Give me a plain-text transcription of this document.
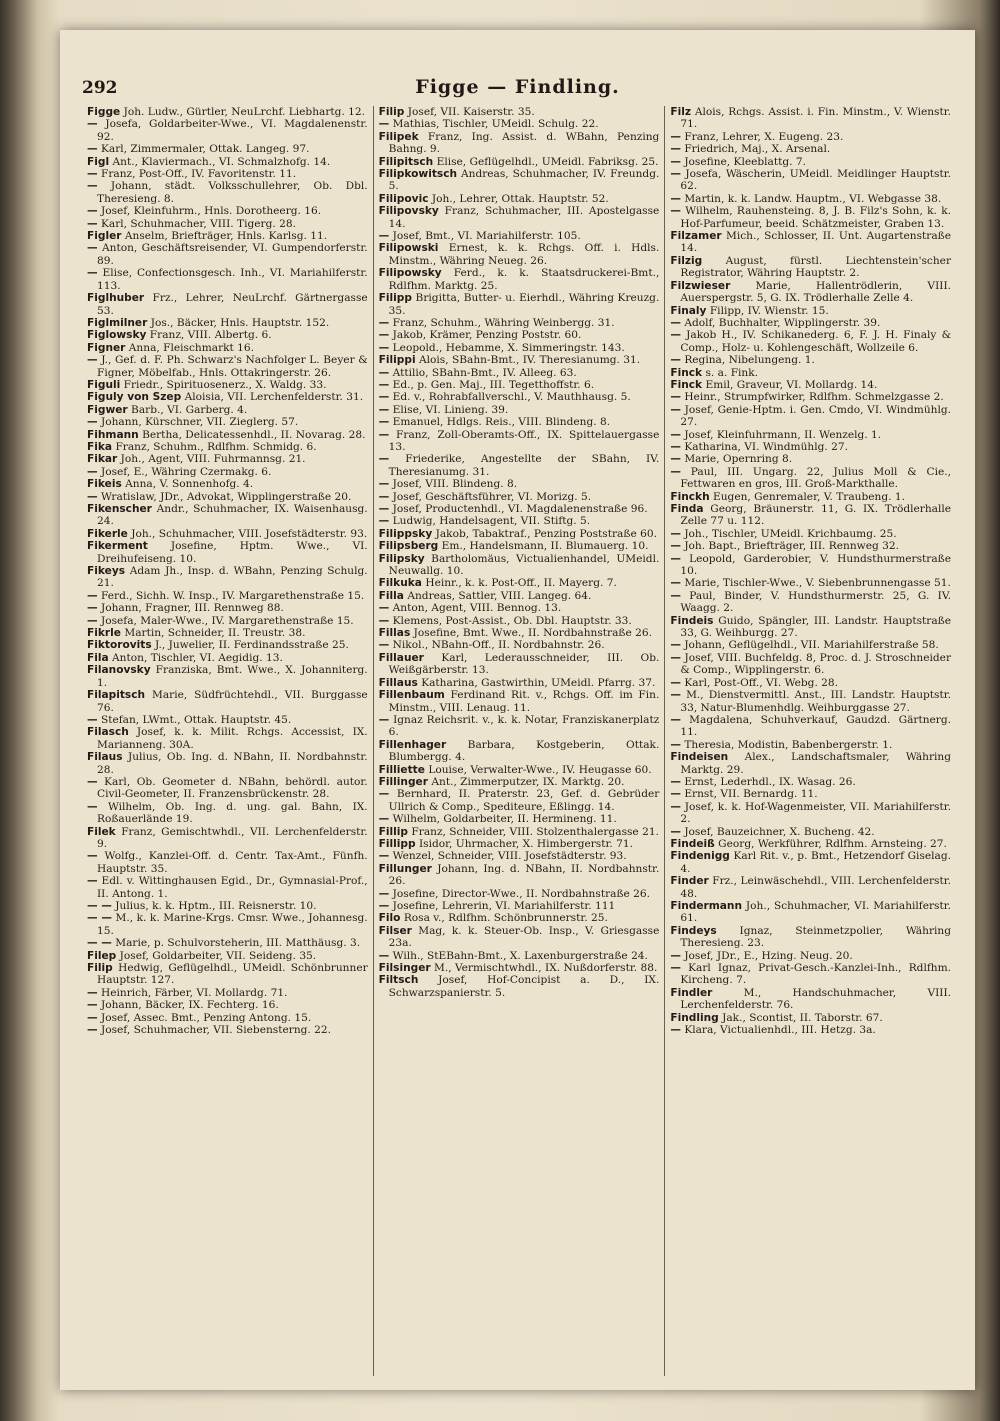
292	Figge — Findling.

Figge Joh. Ludw., Gürtler, NeuLrchf. Liebhartg. 12.

— Josefa, Goldarbeiter-Wwe., VI. Magdalenenstr. 92.

— Karl, Zimmermaler, Ottak. Langeg. 97.

Figl Ant., Klaviermach., VI. Schmalzhofg. 14.

— Franz, Post-Off., IV. Favoritenstr. 11.

— Johann, städt. Volksschullehrer, Ob. Dbl. Theresieng. 8.

— Josef, Kleinfuhrm., Hnls. Dorotheerg. 16.

— Karl, Schuhmacher, VIII. Tigerg. 28.

Figler Anselm, Briefträger, Hnls. Karlsg. 11.

— Anton, Geschäftsreisender, VI. Gumpendorferstr. 89.

— Elise, Confectionsgesch. Inh., VI. Mariahilferstr. 113.

Figlhuber Frz., Lehrer, NeuLrchf. Gärtnergasse 53.

Figlmilner Jos., Bäcker, Hnls. Hauptstr. 152.

Figlowsky Franz, VIII. Albertg. 6.

Figner Anna, Fleischmarkt 16.

— J., Gef. d. F. Ph. Schwarz's Nachfolger L. Beyer & Figner, Möbelfab., Hnls. Ottakringerstr. 26.

Figuli Friedr., Spirituosenerz., X. Waldg. 33.

Figuly von Szep Aloisia, VII. Lerchenfelderstr. 31.

Figwer Barb., VI. Garberg. 4.

— Johann, Kürschner, VII. Zieglerg. 57.

Fihmann Bertha, Delicatessenhdl., II. Novarag. 28.

Fika Franz, Schuhm., Rdlfhm. Schmidg. 6.

Fikar Joh., Agent, VIII. Fuhrmannsg. 21.

— Josef, E., Währing Czermakg. 6.

Fikeis Anna, V. Sonnenhofg. 4.

— Wratislaw, JDr., Advokat, Wipplingerstraße 20.

Fikenscher Andr., Schuhmacher, IX. Waisenhausg. 24.

Fikerle Joh., Schuhmacher, VIII. Josefstädterstr. 93.

Fikerment Josefine, Hptm. Wwe., VI. Dreihufeiseng. 10.

Fikeys Adam Jh., Insp. d. WBahn, Penzing Schulg. 21.

— Ferd., Sichh. W. Insp., IV. Margarethenstraße 15.

— Johann, Fragner, III. Rennweg 88.

— Josefa, Maler-Wwe., IV. Margarethenstraße 15.

Fikrle Martin, Schneider, II. Treustr. 38.

Fiktorovits J., Juwelier, II. Ferdinandsstraße 25.

Fila Anton, Tischler, VI. Aegidig. 13.

Filanovsky Franziska, Bmt. Wwe., X. Johanniterg. 1.

Filapitsch Marie, Südfrüchtehdl., VII. Burggasse 76.

— Stefan, LWmt., Ottak. Hauptstr. 45.

Filasch Josef, k. k. Milit. Rchgs. Accessist, IX. Marianneng. 30A.

Filaus Julius, Ob. Ing. d. NBahn, II. Nordbahnstr. 28.

— Karl, Ob. Geometer d. NBahn, behördl. autor. Civil-Geometer, II. Franzensbrückenstr. 28.

— Wilhelm, Ob. Ing. d. ung. gal. Bahn, IX. Roßauerlände 19.

Filek Franz, Gemischtwhdl., VII. Lerchenfelderstr. 9.

— Wolfg., Kanzlei-Off. d. Centr. Tax-Amt., Fünfh. Hauptstr. 35.

— Edl. v. Wittinghausen Egid., Dr., Gymnasial-Prof., II. Antong. 1.

— — Julius, k. k. Hptm., III. Reisnerstr. 10.

— — M., k. k. Marine-Krgs. Cmsr. Wwe., Johannesg. 15.

— — Marie, p. Schulvorsteherin, III. Matthäusg. 3.

Filep Josef, Goldarbeiter, VII. Seideng. 35.

Filip Hedwig, Geflügelhdl., UMeidl. Schönbrunner Hauptstr. 127.

— Heinrich, Färber, VI. Mollardg. 71.

— Johann, Bäcker, IX. Fechterg. 16.

— Josef, Assec. Bmt., Penzing Antong. 15.

— Josef, Schuhmacher, VII. Siebensterng. 22.

Filip Josef, VII. Kaiserstr. 35.

— Mathias, Tischler, UMeidl. Schulg. 22.

Filipek Franz, Ing. Assist. d. WBahn, Penzing Bahng. 9.

Filipitsch Elise, Geflügelhdl., UMeidl. Fabriksg. 25.

Filipkowitsch Andreas, Schuhmacher, IV. Freundg. 5.

Filipovic Joh., Lehrer, Ottak. Hauptstr. 52.

Filipovsky Franz, Schuhmacher, III. Apostelgasse 14.

— Josef, Bmt., VI. Mariahilferstr. 105.

Filipowski Ernest, k. k. Rchgs. Off. i. Hdls. Minstm., Währing Neueg. 26.

Filipowsky Ferd., k. k. Staatsdruckerei-Bmt., Rdlfhm. Marktg. 25.

Filipp Brigitta, Butter- u. Eierhdl., Währing Kreuzg. 35.

— Franz, Schuhm., Währing Weinbergg. 31.

— Jakob, Krämer, Penzing Poststr. 60.

— Leopold., Hebamme, X. Simmeringstr. 143.

Filippi Alois, SBahn-Bmt., IV. Theresianumg. 31.

— Attilio, SBahn-Bmt., IV. Alleeg. 63.

— Ed., p. Gen. Maj., III. Tegetthoffstr. 6.

— Ed. v., Rohrabfallverschl., V. Mauthhausg. 5.

— Elise, VI. Linieng. 39.

— Emanuel, Hdlgs. Reis., VIII. Blindeng. 8.

— Franz, Zoll-Oberamts-Off., IX. Spittelauergasse 13.

— Friederike, Angestellte der SBahn, IV. Theresianumg. 31.

— Josef, VIII. Blindeng. 8.

— Josef, Geschäftsführer, VI. Morizg. 5.

— Josef, Productenhdl., VI. Magdalenenstraße 96.

— Ludwig, Handelsagent, VII. Stiftg. 5.

Filippsky Jakob, Tabaktraf., Penzing Poststraße 60.

Filipsberg Em., Handelsmann, II. Blumauerg. 10.

Filipsky Bartholomäus, Victualienhandel, UMeidl. Neuwallg. 10.

Filkuka Heinr., k. k. Post-Off., II. Mayerg. 7.

Filla Andreas, Sattler, VIII. Langeg. 64.

— Anton, Agent, VIII. Bennog. 13.

— Klemens, Post-Assist., Ob. Dbl. Hauptstr. 33.

Fillas Josefine, Bmt. Wwe., II. Nordbahnstraße 26.

— Nikol., NBahn-Off., II. Nordbahnstr. 26.

Fillauer Karl, Lederausschneider, III. Ob. Weißgärberstr. 13.

Fillaus Katharina, Gastwirthin, UMeidl. Pfarrg. 37.

Fillenbaum Ferdinand Rit. v., Rchgs. Off. im Fin. Minstm., VIII. Lenaug. 11.

— Ignaz Reichsrit. v., k. k. Notar, Franziskanerplatz 6.

Fillenhager Barbara, Kostgeberin, Ottak. Blumbergg. 4.

Filliette Louise, Verwalter-Wwe., IV. Heugasse 60.

Fillinger Ant., Zimmerputzer, IX. Marktg. 20.

— Bernhard, II. Praterstr. 23, Gef. d. Gebrüder Ullrich & Comp., Spediteure, Eßlingg. 14.

— Wilhelm, Goldarbeiter, II. Hermineng. 11.

Fillip Franz, Schneider, VIII. Stolzenthalergasse 21.

Fillipp Isidor, Uhrmacher, X. Himbergerstr. 71.

— Wenzel, Schneider, VIII. Josefstädterstr. 93.

Fillunger Johann, Ing. d. NBahn, II. Nordbahnstr. 26.

— Josefine, Director-Wwe., II. Nordbahnstraße 26.

— Josefine, Lehrerin, VI. Mariahilferstr. 111

Filo Rosa v., Rdlfhm. Schönbrunnerstr. 25.

Filser Mag, k. k. Steuer-Ob. Insp., V. Griesgasse 23a.

— Wilh., StEBahn-Bmt., X. Laxenburgerstraße 24.

Filsinger M., Vermischtwhdl., IX. Nußdorferstr. 88.

Filtsch Josef, Hof-Concipist a. D., IX. Schwarzspanierstr. 5.

Filz Alois, Rchgs. Assist. i. Fin. Minstm., V. Wienstr. 71.

— Franz, Lehrer, X. Eugeng. 23.

— Friedrich, Maj., X. Arsenal.

— Josefine, Kleeblattg. 7.

— Josefa, Wäscherin, UMeidl. Meidlinger Hauptstr. 62.

— Martin, k. k. Landw. Hauptm., VI. Webgasse 38.

— Wilhelm, Rauhensteing. 8, J. B. Filz's Sohn, k. k. Hof-Parfumeur, beeid. Schätzmeister, Graben 13.

Filzamer Mich., Schlosser, II. Unt. Augartenstraße 14.

Filzig August, fürstl. Liechtenstein'scher Registrator, Währing Hauptstr. 2.

Filzwieser Marie, Hallentrödlerin, VIII. Auerspergstr. 5, G. IX. Trödlerhalle Zelle 4.

Finaly Filipp, IV. Wienstr. 15.

— Adolf, Buchhalter, Wipplingerstr. 39.

— Jakob H., IV. Schikanederg. 6, F. J. H. Finaly & Comp., Holz- u. Kohlengeschäft, Wollzeile 6.

— Regina, Nibelungeng. 1.

Finck s. a. Fink.

Finck Emil, Graveur, VI. Mollardg. 14.

— Heinr., Strumpfwirker, Rdlfhm. Schmelzgasse 2.

— Josef, Genie-Hptm. i. Gen. Cmdo, VI. Windmühlg. 27.

— Josef, Kleinfuhrmann, II. Wenzelg. 1.

— Katharina, VI. Windmühlg. 27.

— Marie, Opernring 8.

— Paul, III. Ungarg. 22, Julius Moll & Cie., Fettwaren en gros, III. Groß-Markthalle.

Finckh Eugen, Genremaler, V. Traubeng. 1.

Finda Georg, Bräunerstr. 11, G. IX. Trödlerhalle Zelle 77 u. 112.

— Joh., Tischler, UMeidl. Krichbaumg. 25.

— Joh. Bapt., Briefträger, III. Rennweg 32.

— Leopold, Garderobier, V. Hundsthurmerstraße 10.

— Marie, Tischler-Wwe., V. Siebenbrunnengasse 51.

— Paul, Binder, V. Hundsthurmerstr. 25, G. IV. Waagg. 2.

Findeis Guido, Spängler, III. Landstr. Hauptstraße 33, G. Weihburgg. 27.

— Johann, Geflügelhdl., VII. Mariahilferstraße 58.

— Josef, VIII. Buchfeldg. 8, Proc. d. J. Stroschneider & Comp., Wipplingerstr. 6.

— Karl, Post-Off., VI. Webg. 28.

— M., Dienstvermittl. Anst., III. Landstr. Hauptstr. 33, Natur-Blumenhdlg. Weihburggasse 27.

— Magdalena, Schuhverkauf, Gaudzd. Gärtnerg. 11.

— Theresia, Modistin, Babenbergerstr. 1.

Findeisen Alex., Landschaftsmaler, Währing Marktg. 29.

— Ernst, Lederhdl., IX. Wasag. 26.

— Ernst, VII. Bernardg. 11.

— Josef, k. k. Hof-Wagenmeister, VII. Mariahilferstr. 2.

— Josef, Bauzeichner, X. Bucheng. 42.

Findeiß Georg, Werkführer, Rdlfhm. Arnsteing. 27.

Findenigg Karl Rit. v., p. Bmt., Hetzendorf Giselag. 4.

Finder Frz., Leinwäschehdl., VIII. Lerchenfelderstr. 48.

Findermann Joh., Schuhmacher, VI. Mariahilferstr. 61.

Findeys Ignaz, Steinmetzpolier, Währing Theresieng. 23.

— Josef, JDr., E., Hzing. Neug. 20.

— Karl Ignaz, Privat-Gesch.-Kanzlei-Inh., Rdlfhm. Kircheng. 7.

Findler	M., Handschuhmacher, VIII. Lerchenfelderstr. 76.

Findling Jak., Scontist, II. Taborstr. 67.

— Klara, Victualienhdl., III. Hetzg. 3a.
